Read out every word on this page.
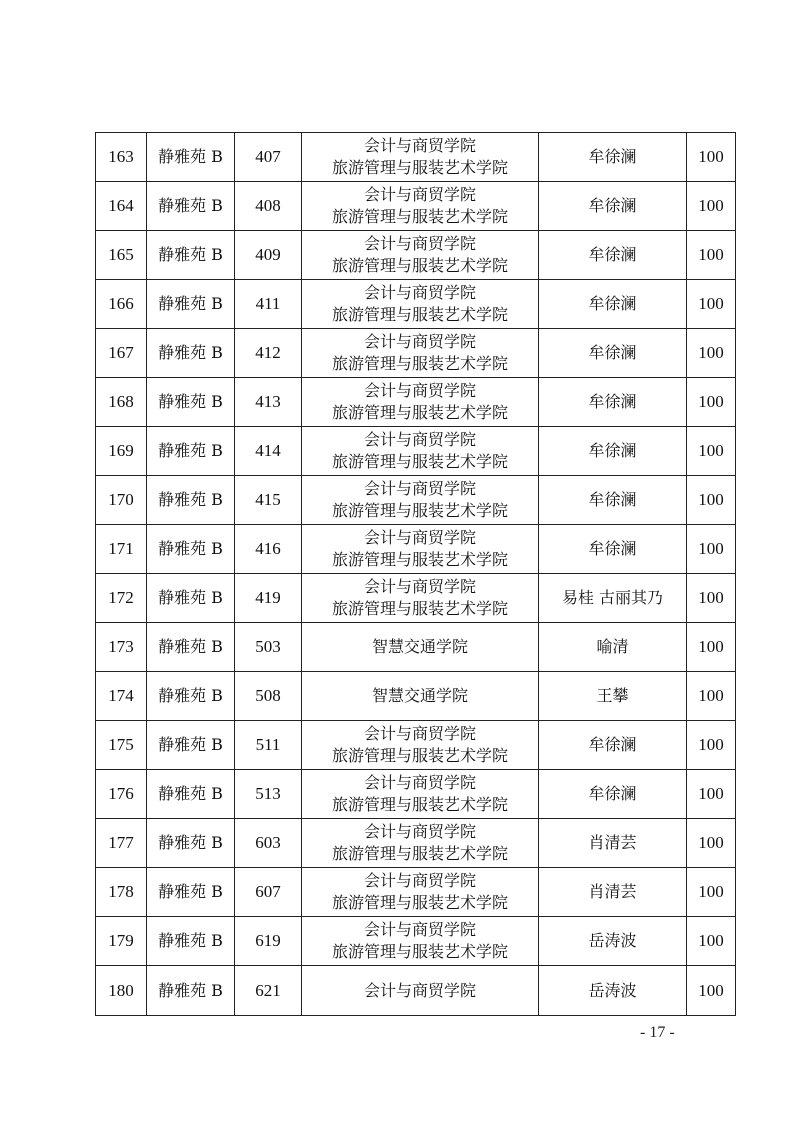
163	静雅苑 B	407	会计与商贸学院
旅游管理与服装艺术学院	牟徐澜	100
164	静雅苑 B	408	会计与商贸学院
旅游管理与服装艺术学院	牟徐澜	100
165	静雅苑 B	409	会计与商贸学院
旅游管理与服装艺术学院	牟徐澜	100
166	静雅苑 B	411	会计与商贸学院
旅游管理与服装艺术学院	牟徐澜	100
167	静雅苑 B	412	会计与商贸学院
旅游管理与服装艺术学院	牟徐澜	100
168	静雅苑 B	413	会计与商贸学院
旅游管理与服装艺术学院	牟徐澜	100
169	静雅苑 B	414	会计与商贸学院
旅游管理与服装艺术学院	牟徐澜	100
170	静雅苑 B	415	会计与商贸学院
旅游管理与服装艺术学院	牟徐澜	100
171	静雅苑 B	416	会计与商贸学院
旅游管理与服装艺术学院	牟徐澜	100
172	静雅苑 B	419	会计与商贸学院
旅游管理与服装艺术学院	易桂 古丽其乃	100
173	静雅苑 B	503	智慧交通学院	喻清	100
174	静雅苑 B	508	智慧交通学院	王攀	100
175	静雅苑 B	511	会计与商贸学院
旅游管理与服装艺术学院	牟徐澜	100
176	静雅苑 B	513	会计与商贸学院
旅游管理与服装艺术学院	牟徐澜	100
177	静雅苑 B	603	会计与商贸学院
旅游管理与服装艺术学院	肖清芸	100
178	静雅苑 B	607	会计与商贸学院
旅游管理与服装艺术学院	肖清芸	100
179	静雅苑 B	619	会计与商贸学院
旅游管理与服装艺术学院	岳涛波	100
180	静雅苑 B	621	会计与商贸学院	岳涛波	100
- 17 -
